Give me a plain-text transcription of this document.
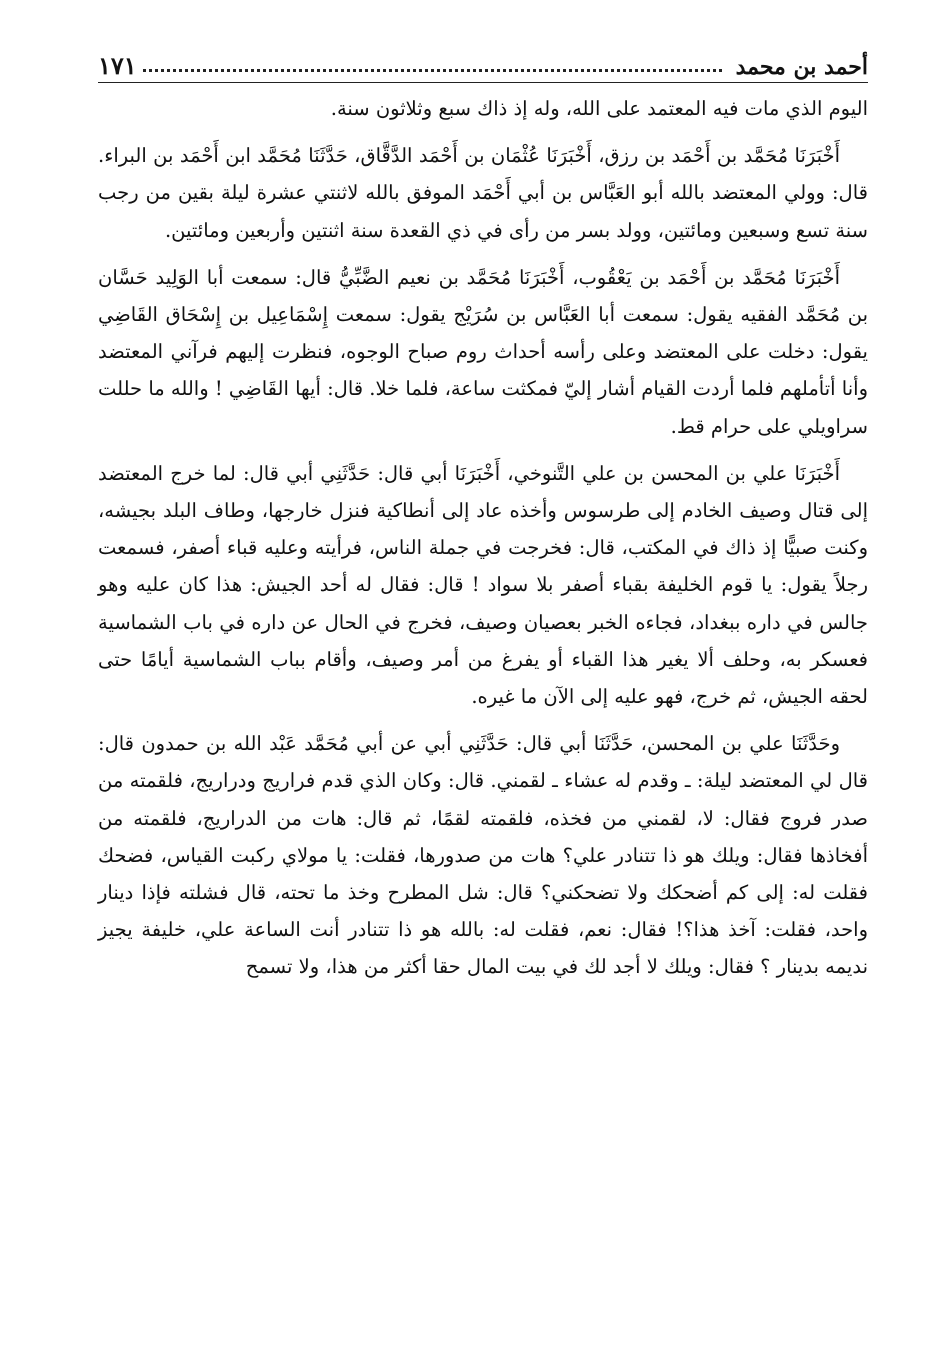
أحمد بن محمد
١٧١

اليوم الذي مات فيه المعتمد على الله، وله إذ ذاك سبع وثلاثون سنة.

أَخْبَرَنَا مُحَمَّد بن أَحْمَد بن رزق، أَخْبَرَنَا عُثْمَان بن أَحْمَد الدَّقَّاق، حَدَّثَنَا مُحَمَّد ابن أَحْمَد بن البراء. قال: وولي المعتضد بالله أبو العَبَّاس بن أبي أَحْمَد الموفق بالله لاثنتي عشرة ليلة بقين من رجب سنة تسع وسبعين ومائتين، وولد بسر من رأى في ذي القعدة سنة اثنتين وأربعين ومائتين.

أَخْبَرَنَا مُحَمَّد بن أَحْمَد بن يَعْقُوب، أَخْبَرَنَا مُحَمَّد بن نعيم الضَّبِّيُّ قال: سمعت أبا الوَلِيد حَسَّان بن مُحَمَّد الفقيه يقول: سمعت أبا العَبَّاس بن سُرَيْج يقول: سمعت إِسْمَاعِيل بن إِسْحَاق القَاضِي يقول: دخلت على المعتضد وعلى رأسه أحداث روم صباح الوجوه، فنظرت إليهم فرآني المعتضد وأنا أتأملهم فلما أردت القيام أشار إليّ فمكثت ساعة، فلما خلا. قال: أيها القَاضِي ! والله ما حللت سراويلي على حرام قط.

أَخْبَرَنَا علي بن المحسن بن علي التَّنوخي، أَخْبَرَنَا أبي قال: حَدَّثَنِي أبي قال: لما خرج المعتضد إلى قتال وصيف الخادم إلى طرسوس وأخذه عاد إلى أنطاكية فنزل خارجها، وطاف البلد بجيشه، وكنت صبيًّا إذ ذاك في المكتب، قال: فخرجت في جملة الناس، فرأيته وعليه قباء أصفر، فسمعت رجلاً يقول: يا قوم الخليفة بقباء أصفر بلا سواد ! قال: فقال له أحد الجيش: هذا كان عليه وهو جالس في داره ببغداد، فجاءه الخبر بعصيان وصيف، فخرج في الحال عن داره في باب الشماسية فعسكر به، وحلف ألا يغير هذا القباء أو يفرغ من أمر وصيف، وأقام بباب الشماسية أيامًا حتى لحقه الجيش، ثم خرج، فهو عليه إلى الآن ما غيره.

وحَدَّثَنَا علي بن المحسن، حَدَّثَنَا أبي قال: حَدَّثَنِي أبي عن أبي مُحَمَّد عَبْد الله بن حمدون قال: قال لي المعتضد ليلة: ـ وقدم له عشاء ـ لقمني. قال: وكان الذي قدم فراريج ودراريج، فلقمته من صدر فروج فقال: لا، لقمني من فخذه، فلقمته لقمًا، ثم قال: هات من الدراريج، فلقمته من أفخاذها فقال: ويلك هو ذا تتنادر علي؟ هات من صدورها، فقلت: يا مولاي ركبت القياس، فضحك فقلت له: إلى كم أضحكك ولا تضحكني؟ قال: شل المطرح وخذ ما تحته، قال فشلته فإذا دينار واحد، فقلت: آخذ هذا؟! فقال: نعم، فقلت له: بالله هو ذا تتنادر أنت الساعة علي، خليفة يجيز نديمه بدينار ؟ فقال: ويلك لا أجد لك في بيت المال حقا أكثر من هذا، ولا تسمح
